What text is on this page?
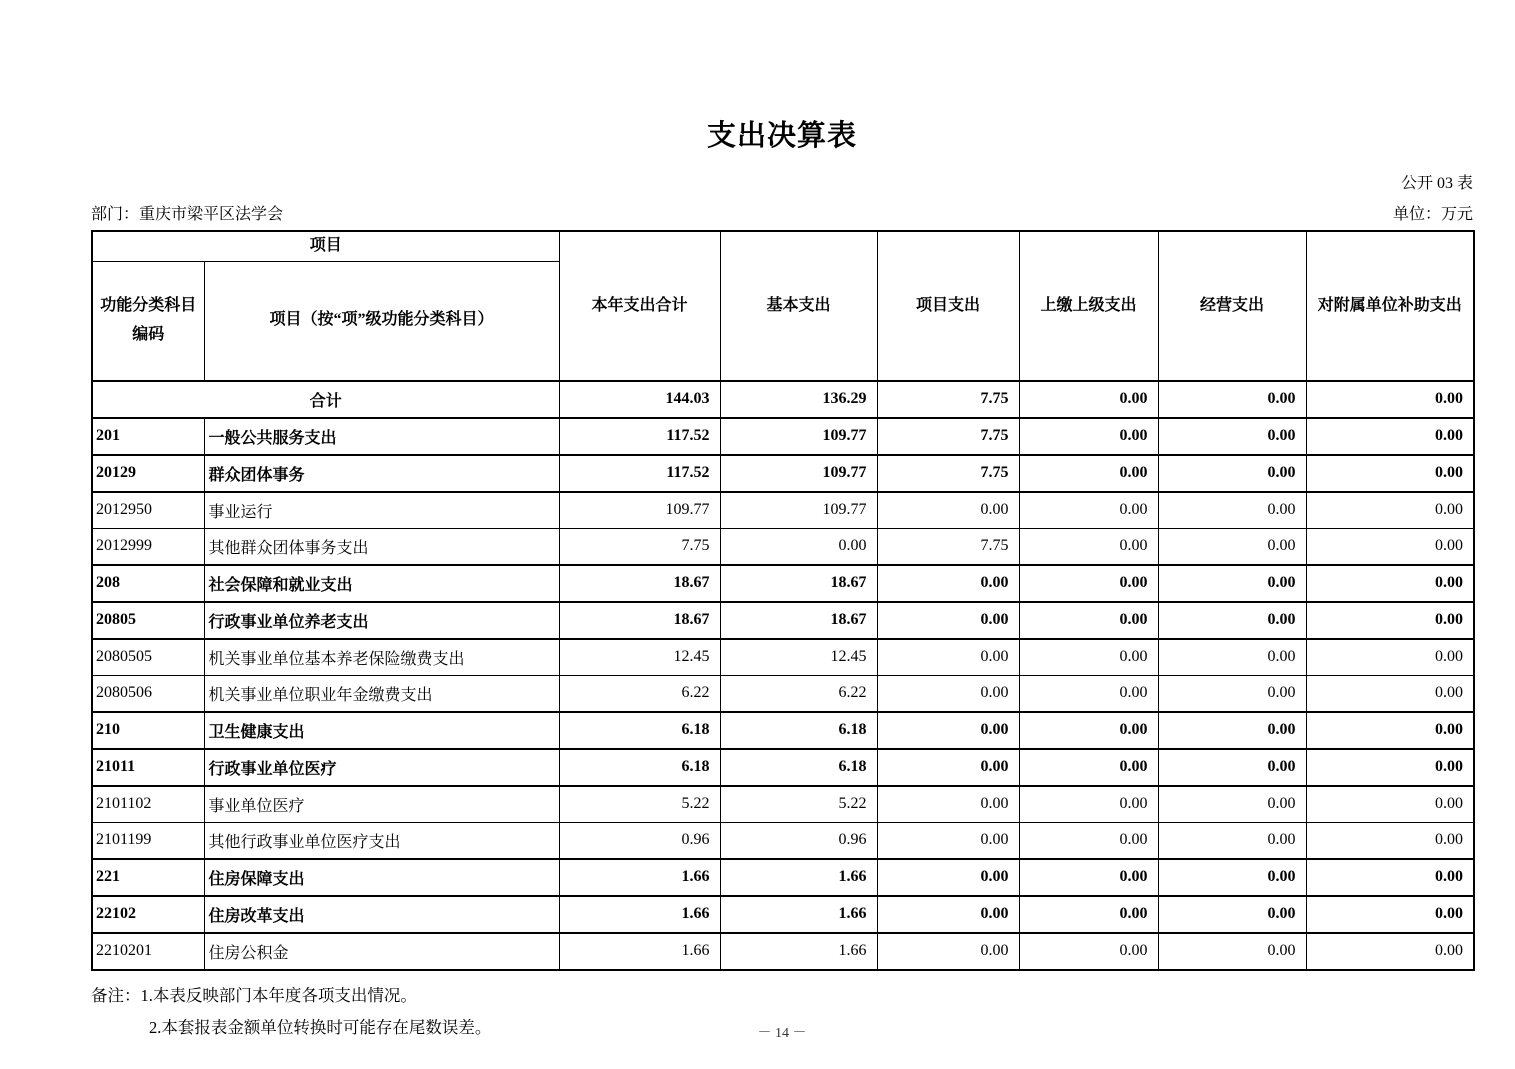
支出决算表
公开 03 表
部门：重庆市梁平区法学会	单位：万元
项目		本年支出合计	基本支出	项目支出	上缴上级支出	经营支出	对附属单位补助支出
功能分类科目编码	项目（按“项”级功能分类科目）						
合计		144.03	136.29	7.75	0.00	0.00	0.00
201	一般公共服务支出	117.52	109.77	7.75	0.00	0.00	0.00
20129	群众团体事务	117.52	109.77	7.75	0.00	0.00	0.00
2012950	事业运行	109.77	109.77	0.00	0.00	0.00	0.00
2012999	其他群众团体事务支出	7.75	0.00	7.75	0.00	0.00	0.00
208	社会保障和就业支出	18.67	18.67	0.00	0.00	0.00	0.00
20805	行政事业单位养老支出	18.67	18.67	0.00	0.00	0.00	0.00
2080505	机关事业单位基本养老保险缴费支出	12.45	12.45	0.00	0.00	0.00	0.00
2080506	机关事业单位职业年金缴费支出	6.22	6.22	0.00	0.00	0.00	0.00
210	卫生健康支出	6.18	6.18	0.00	0.00	0.00	0.00
21011	行政事业单位医疗	6.18	6.18	0.00	0.00	0.00	0.00
2101102	事业单位医疗	5.22	5.22	0.00	0.00	0.00	0.00
2101199	其他行政事业单位医疗支出	0.96	0.96	0.00	0.00	0.00	0.00
221	住房保障支出	1.66	1.66	0.00	0.00	0.00	0.00
22102	住房改革支出	1.66	1.66	0.00	0.00	0.00	0.00
2210201	住房公积金	1.66	1.66	0.00	0.00	0.00	0.00
备注：1.本表反映部门本年度各项支出情况。
2.本套报表金额单位转换时可能存在尾数误差。	－ 14 －
